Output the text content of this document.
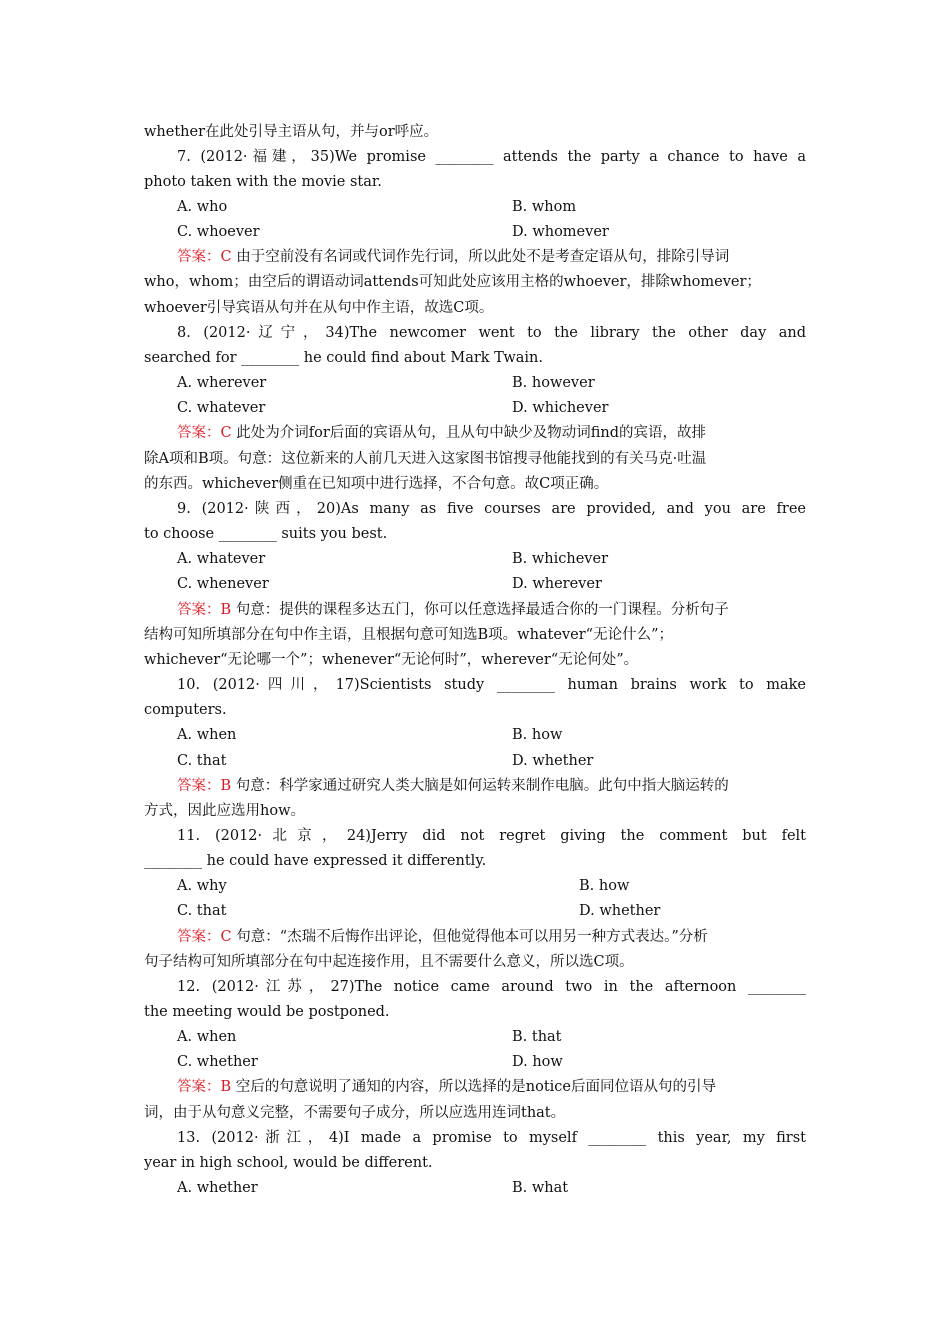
whether在此处引导主语从句，并与or呼应。
7. (2012·福建，35)We promise ________ attends the party a chance to have a
photo taken with the movie star.
A. who	B. whom
C. whoever	D. whomever
答案：C 由于空前没有名词或代词作先行词，所以此处不是考查定语从句，排除引导词
who，whom；由空后的谓语动词attends可知此处应该用主格的whoever，排除whomever；
whoever引导宾语从句并在从句中作主语，故选C项。
8. (2012·辽宁，34)The newcomer went to the library the other day and
searched for ________ he could find about Mark Twain.
A. wherever	B. however
C. whatever	D. whichever
答案：C 此处为介词for后面的宾语从句，且从句中缺少及物动词find的宾语，故排
除A项和B项。句意：这位新来的人前几天进入这家图书馆搜寻他能找到的有关马克·吐温
的东西。whichever侧重在已知项中进行选择，不合句意。故C项正确。
9. (2012·陕西，20)As many as five courses are provided, and you are free
to choose ________ suits you best.
A. whatever	B. whichever
C. whenever	D. wherever
答案：B 句意：提供的课程多达五门，你可以任意选择最适合你的一门课程。分析句子
结构可知所填部分在句中作主语，且根据句意可知选B项。whatever“无论什么”；
whichever“无论哪一个”；whenever“无论何时”，wherever“无论何处”。
10. (2012·四川，17)Scientists study ________ human brains work to make
computers.
A. when	B. how
C. that	D. whether
答案：B 句意：科学家通过研究人类大脑是如何运转来制作电脑。此句中指大脑运转的
方式，因此应选用how。
11. (2012·北京，24)Jerry did not regret giving the comment but felt
________ he could have expressed it differently.
A. why	B. how
C. that	D. whether
答案：C 句意：“杰瑞不后悔作出评论，但他觉得他本可以用另一种方式表达。”分析
句子结构可知所填部分在句中起连接作用，且不需要什么意义，所以选C项。
12. (2012·江苏，27)The notice came around two in the afternoon ________
the meeting would be postponed.
A. when	B. that
C. whether	D. how
答案：B 空后的句意说明了通知的内容，所以选择的是notice后面同位语从句的引导
词，由于从句意义完整，不需要句子成分，所以应选用连词that。
13. (2012·浙江，4)I made a promise to myself ________ this year, my first
year in high school, would be different.
A. whether	B. what
